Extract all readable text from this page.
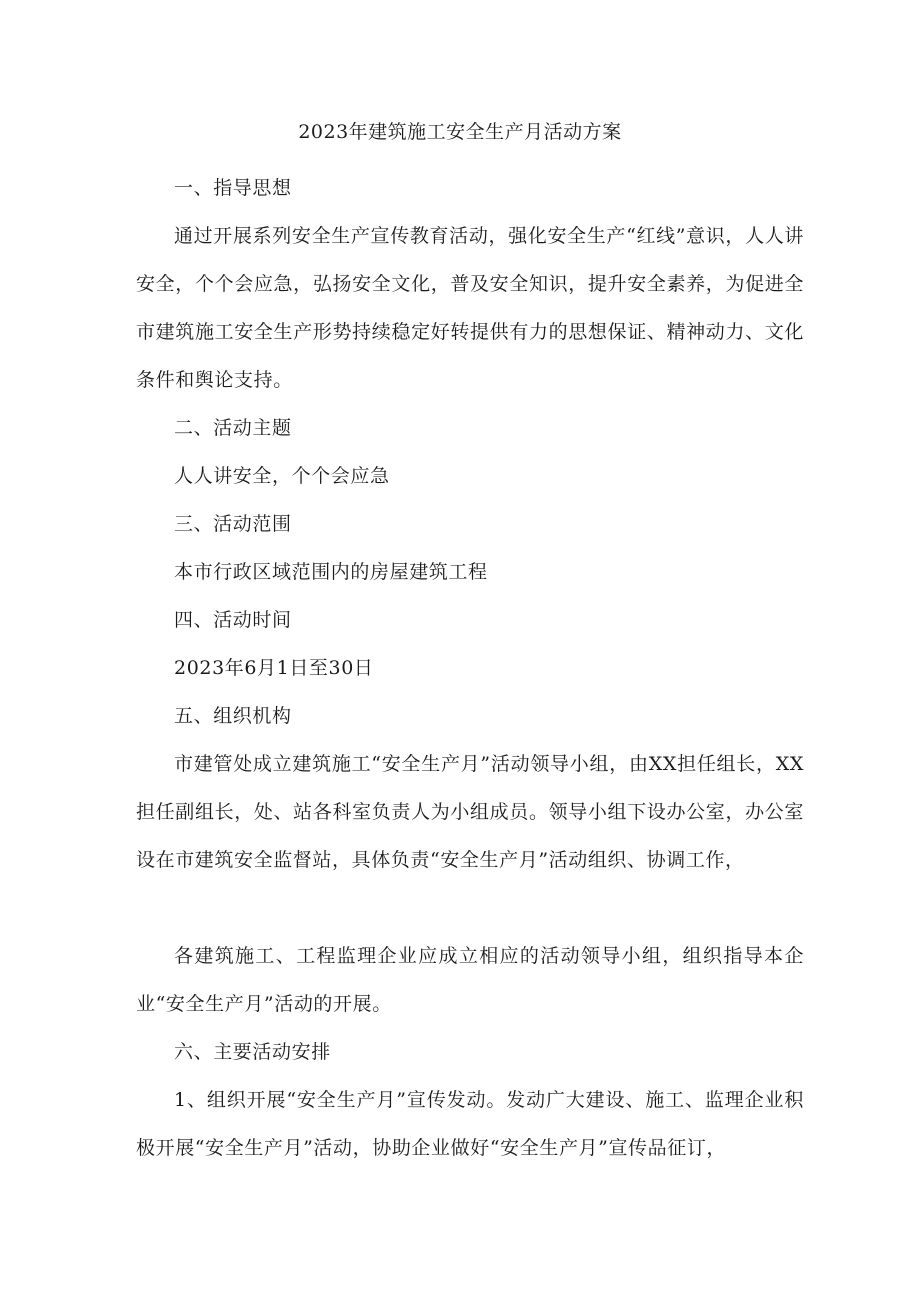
2023年建筑施工安全生产月活动方案

一、指导思想

通过开展系列安全生产宣传教育活动，强化安全生产“红线”意识，人人讲安全，个个会应急，弘扬安全文化，普及安全知识，提升安全素养，为促进全市建筑施工安全生产形势持续稳定好转提供有力的思想保证、精神动力、文化条件和舆论支持。

二、活动主题

人人讲安全，个个会应急

三、活动范围

本市行政区域范围内的房屋建筑工程

四、活动时间

2023年6月1日至30日

五、组织机构

市建管处成立建筑施工“安全生产月”活动领导小组，由XX担任组长，XX担任副组长，处、站各科室负责人为小组成员。领导小组下设办公室，办公室设在市建筑安全监督站，具体负责“安全生产月”活动组织、协调工作，

各建筑施工、工程监理企业应成立相应的活动领导小组，组织指导本企业“安全生产月”活动的开展。

六、主要活动安排

1、组织开展“安全生产月”宣传发动。发动广大建设、施工、监理企业积极开展“安全生产月”活动，协助企业做好“安全生产月”宣传品征订，
